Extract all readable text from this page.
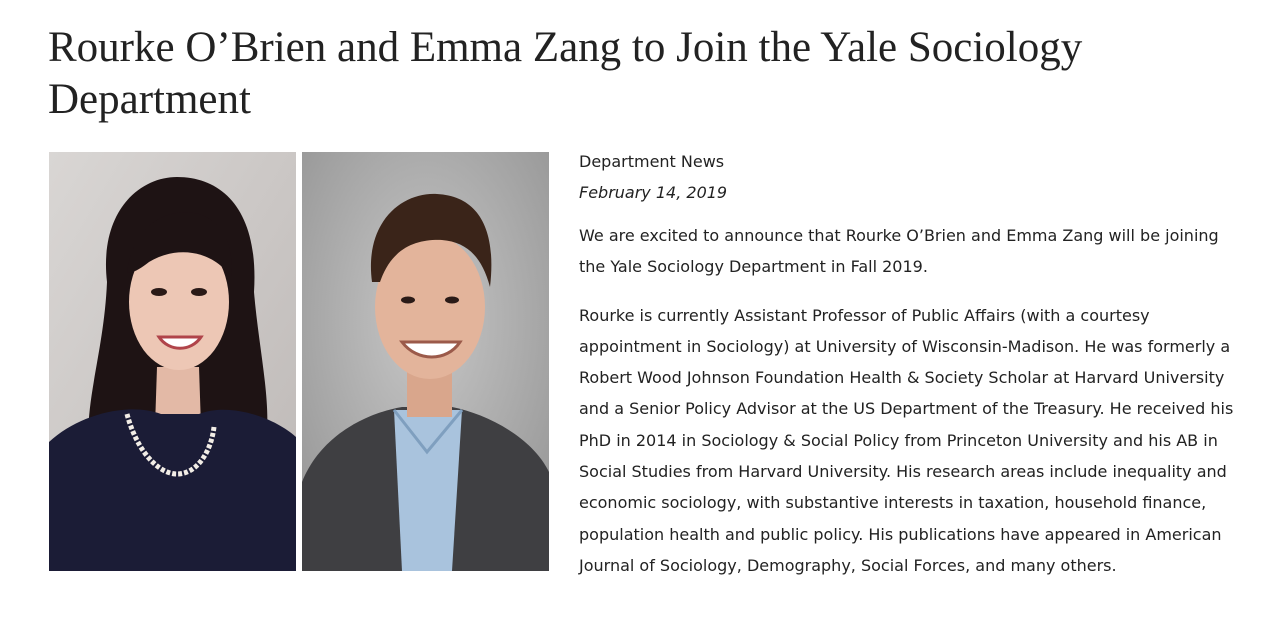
Rourke O’Brien and Emma Zang to Join the Yale Sociology Department

Department News

February 14, 2019

We are excited to announce that Rourke O’Brien and Emma Zang will be joining the Yale Sociology Department in Fall 2019.

Rourke is currently Assistant Professor of Public Affairs (with a courtesy appointment in Sociology) at University of Wisconsin-Madison. He was formerly a Robert Wood Johnson Foundation Health & Society Scholar at Harvard University and a Senior Policy Advisor at the US Department of the Treasury. He received his PhD in 2014 in Sociology & Social Policy from Princeton University and his AB in Social Studies from Harvard University. His research areas include inequality and economic sociology, with substantive interests in taxation, household finance, population health and public policy. His publications have appeared in American Journal of Sociology, Demography, Social Forces, and many others.
